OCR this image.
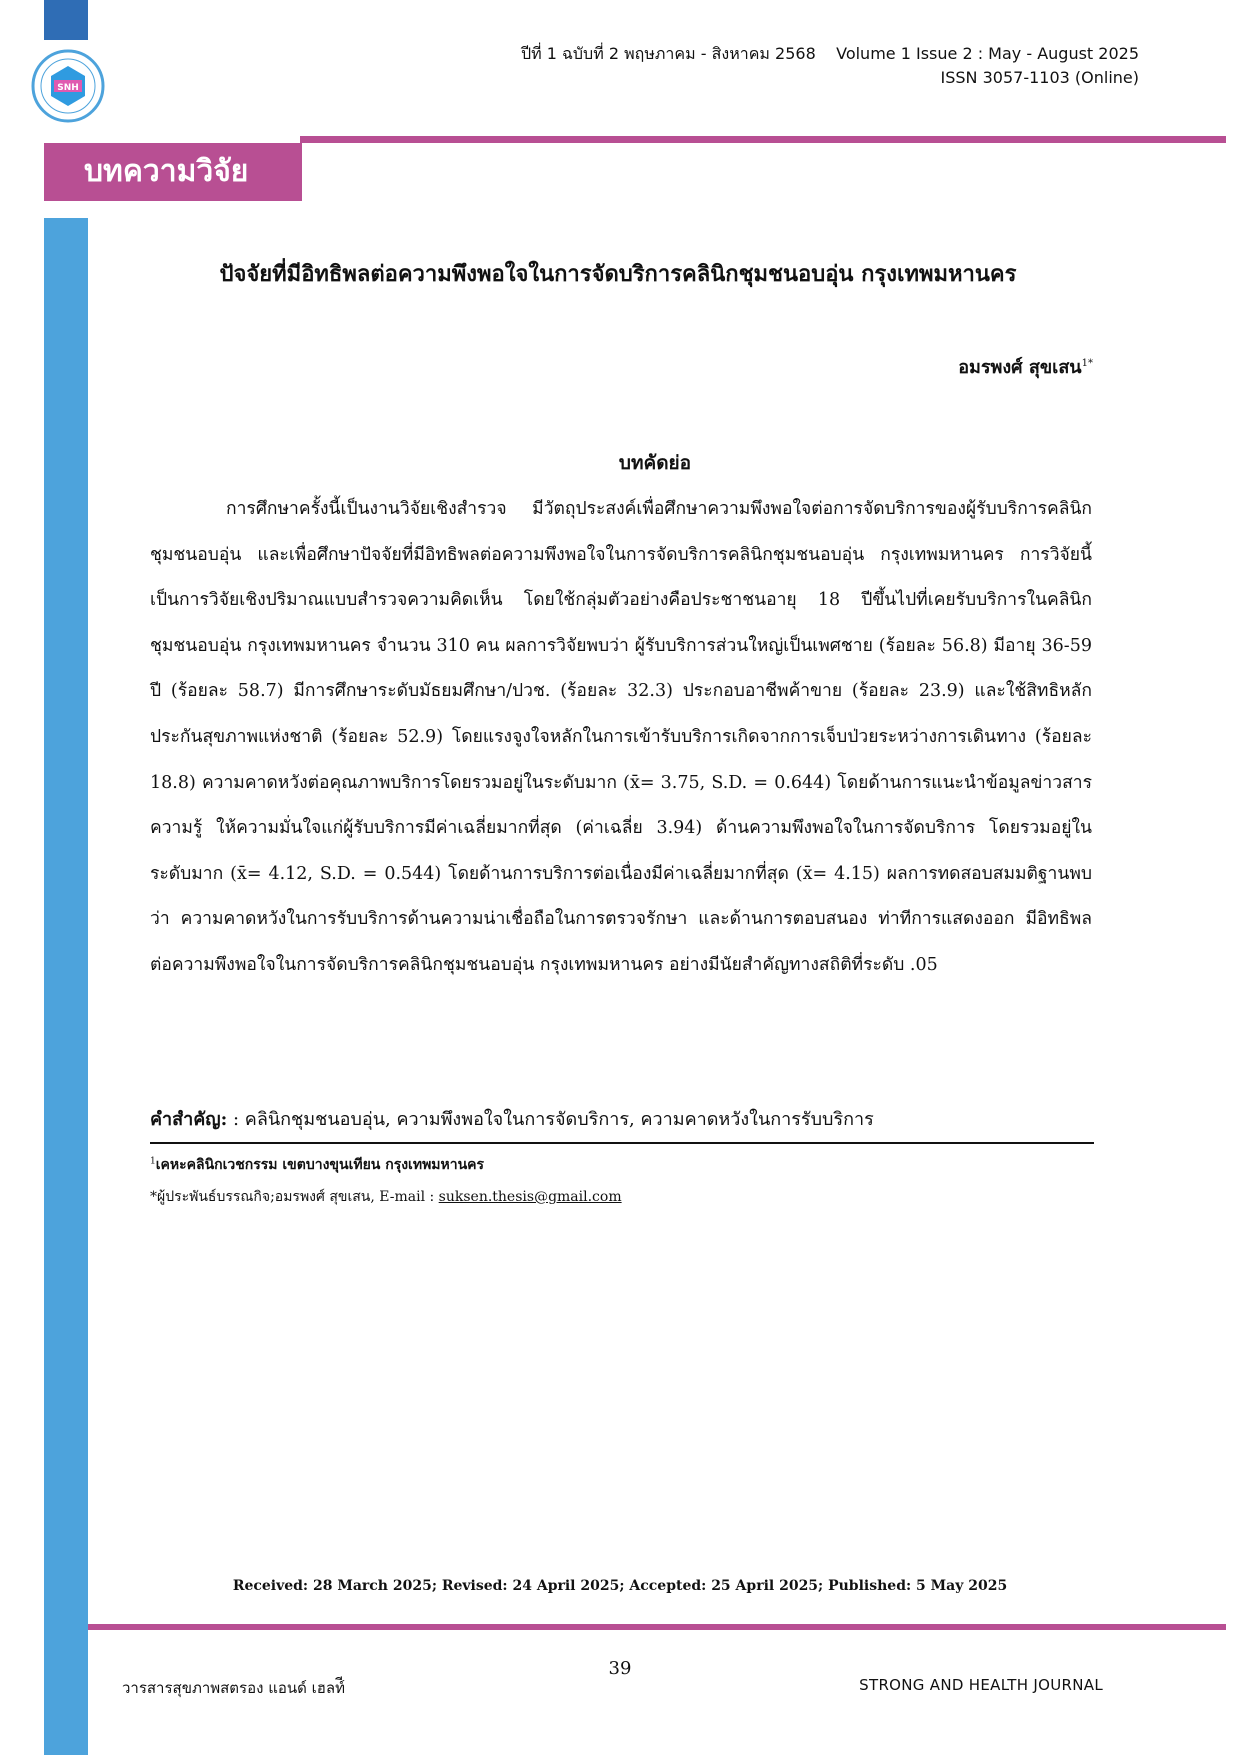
SNH
ปีที่ 1 ฉบับที่ 2 พฤษภาคม - สิงหาคม 2568    Volume 1 Issue 2 : May - August 2025
ISSN 3057-1103 (Online)
บทความวิจัย
ปัจจัยที่มีอิทธิพลต่อความพึงพอใจในการจัดบริการคลินิกชุมชนอบอุ่น กรุงเทพมหานคร
อมรพงศ์ สุขเสน$^{1*}$
บทคัดย่อ
การศึกษาครั้งนี้เป็นงานวิจัยเชิงสำรวจ มีวัตถุประสงค์เพื่อศึกษาความพึงพอใจต่อการจัดบริการของผู้รับบริการคลินิกชุมชนอบอุ่น และเพื่อศึกษาปัจจัยที่มีอิทธิพลต่อความพึงพอใจในการจัดบริการคลินิกชุมชนอบอุ่น กรุงเทพมหานคร การวิจัยนี้เป็นการวิจัยเชิงปริมาณแบบสำรวจความคิดเห็น โดยใช้กลุ่มตัวอย่างคือประชาชนอายุ 18 ปีขึ้นไปที่เคยรับบริการในคลินิกชุมชนอบอุ่น กรุงเทพมหานคร จำนวน 310 คน ผลการวิจัยพบว่า ผู้รับบริการส่วนใหญ่เป็นเพศชาย (ร้อยละ 56.8) มีอายุ 36-59 ปี (ร้อยละ 58.7) มีการศึกษาระดับมัธยมศึกษา/ปวช. (ร้อยละ 32.3) ประกอบอาชีพค้าขาย (ร้อยละ 23.9) และใช้สิทธิหลักประกันสุขภาพแห่งชาติ (ร้อยละ 52.9) โดยแรงจูงใจหลักในการเข้ารับบริการเกิดจากการเจ็บป่วยระหว่างการเดินทาง (ร้อยละ 18.8) ความคาดหวังต่อคุณภาพบริการโดยรวมอยู่ในระดับมาก (x̄= 3.75, S.D. = 0.644) โดยด้านการแนะนำข้อมูลข่าวสาร ความรู้ ให้ความมั่นใจแก่ผู้รับบริการมีค่าเฉลี่ยมากที่สุด (ค่าเฉลี่ย 3.94) ด้านความพึงพอใจในการจัดบริการ โดยรวมอยู่ในระดับมาก (x̄= 4.12, S.D. = 0.544) โดยด้านการบริการต่อเนื่องมีค่าเฉลี่ยมากที่สุด (x̄= 4.15) ผลการทดสอบสมมติฐานพบว่า ความคาดหวังในการรับบริการด้านความน่าเชื่อถือในการตรวจรักษา และด้านการตอบสนอง ท่าทีการแสดงออก มีอิทธิพลต่อความพึงพอใจในการจัดบริการคลินิกชุมชนอบอุ่น กรุงเทพมหานคร อย่างมีนัยสำคัญทางสถิติที่ระดับ .05
คำสำคัญ: : คลินิกชุมชนอบอุ่น, ความพึงพอใจในการจัดบริการ, ความคาดหวังในการรับบริการ
$^1$เคหะคลินิกเวชกรรม เขตบางขุนเทียน กรุงเทพมหานคร
*ผู้ประพันธ์บรรณกิจ;อมรพงศ์ สุขเสน, E-mail : suksen.thesis@gmail.com
Received: 28 March 2025; Revised: 24 April 2025; Accepted: 25 April 2025; Published: 5 May 2025
39
วารสารสุขภาพสตรอง แอนด์ เฮลท์ี	STRONG AND HEALTH JOURNAL
